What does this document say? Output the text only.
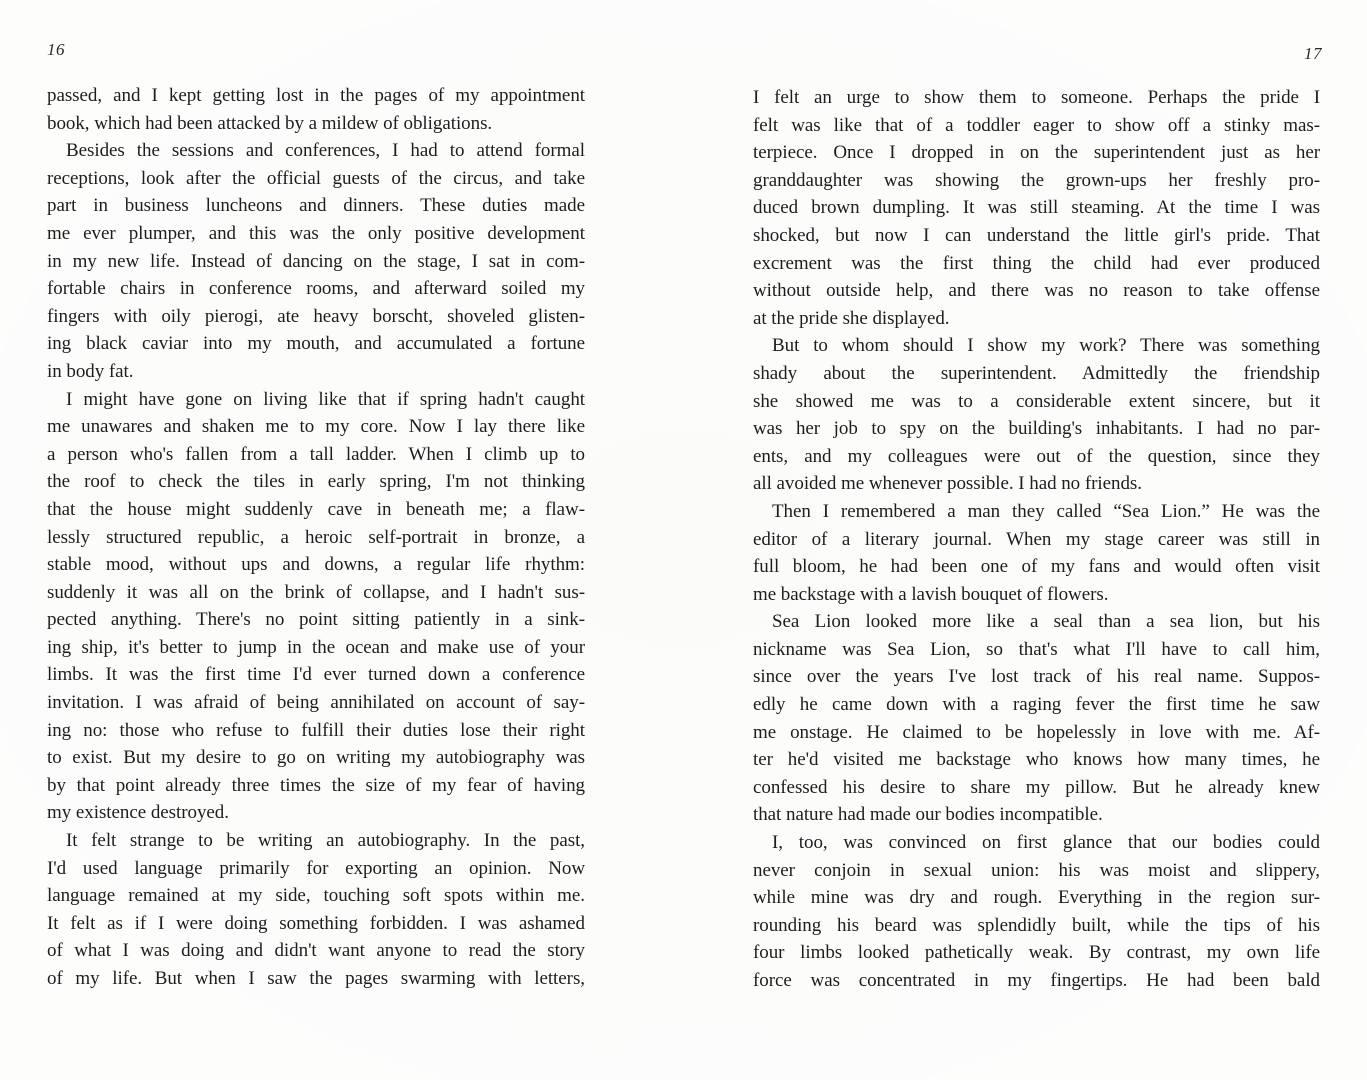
16	17
passed, and I kept getting lost in the pages of my appointment
book, which had been attacked by a mildew of obligations.
Besides the sessions and conferences, I had to attend formal
receptions, look after the official guests of the circus, and take
part in business luncheons and dinners. These duties made
me ever plumper, and this was the only positive development
in my new life. Instead of dancing on the stage, I sat in com-
fortable chairs in conference rooms, and afterward soiled my
fingers with oily pierogi, ate heavy borscht, shoveled glisten-
ing black caviar into my mouth, and accumulated a fortune
in body fat.
I might have gone on living like that if spring hadn't caught
me unawares and shaken me to my core. Now I lay there like
a person who's fallen from a tall ladder. When I climb up to
the roof to check the tiles in early spring, I'm not thinking
that the house might suddenly cave in beneath me; a flaw-
lessly structured republic, a heroic self-portrait in bronze, a
stable mood, without ups and downs, a regular life rhythm:
suddenly it was all on the brink of collapse, and I hadn't sus-
pected anything. There's no point sitting patiently in a sink-
ing ship, it's better to jump in the ocean and make use of your
limbs. It was the first time I'd ever turned down a conference
invitation. I was afraid of being annihilated on account of say-
ing no: those who refuse to fulfill their duties lose their right
to exist. But my desire to go on writing my autobiography was
by that point already three times the size of my fear of having
my existence destroyed.
It felt strange to be writing an autobiography. In the past,
I'd used language primarily for exporting an opinion. Now
language remained at my side, touching soft spots within me.
It felt as if I were doing something forbidden. I was ashamed
of what I was doing and didn't want anyone to read the story
of my life. But when I saw the pages swarming with letters,
I felt an urge to show them to someone. Perhaps the pride I
felt was like that of a toddler eager to show off a stinky mas-
terpiece. Once I dropped in on the superintendent just as her
granddaughter was showing the grown-ups her freshly pro-
duced brown dumpling. It was still steaming. At the time I was
shocked, but now I can understand the little girl's pride. That
excrement was the first thing the child had ever produced
without outside help, and there was no reason to take offense
at the pride she displayed.
But to whom should I show my work? There was something
shady about the superintendent. Admittedly the friendship
she showed me was to a considerable extent sincere, but it
was her job to spy on the building's inhabitants. I had no par-
ents, and my colleagues were out of the question, since they
all avoided me whenever possible. I had no friends.
Then I remembered a man they called “Sea Lion.” He was the
editor of a literary journal. When my stage career was still in
full bloom, he had been one of my fans and would often visit
me backstage with a lavish bouquet of flowers.
Sea Lion looked more like a seal than a sea lion, but his
nickname was Sea Lion, so that's what I'll have to call him,
since over the years I've lost track of his real name. Suppos-
edly he came down with a raging fever the first time he saw
me onstage. He claimed to be hopelessly in love with me. Af-
ter he'd visited me backstage who knows how many times, he
confessed his desire to share my pillow. But he already knew
that nature had made our bodies incompatible.
I, too, was convinced on first glance that our bodies could
never conjoin in sexual union: his was moist and slippery,
while mine was dry and rough. Everything in the region sur-
rounding his beard was splendidly built, while the tips of his
four limbs looked pathetically weak. By contrast, my own life
force was concentrated in my fingertips. He had been bald
